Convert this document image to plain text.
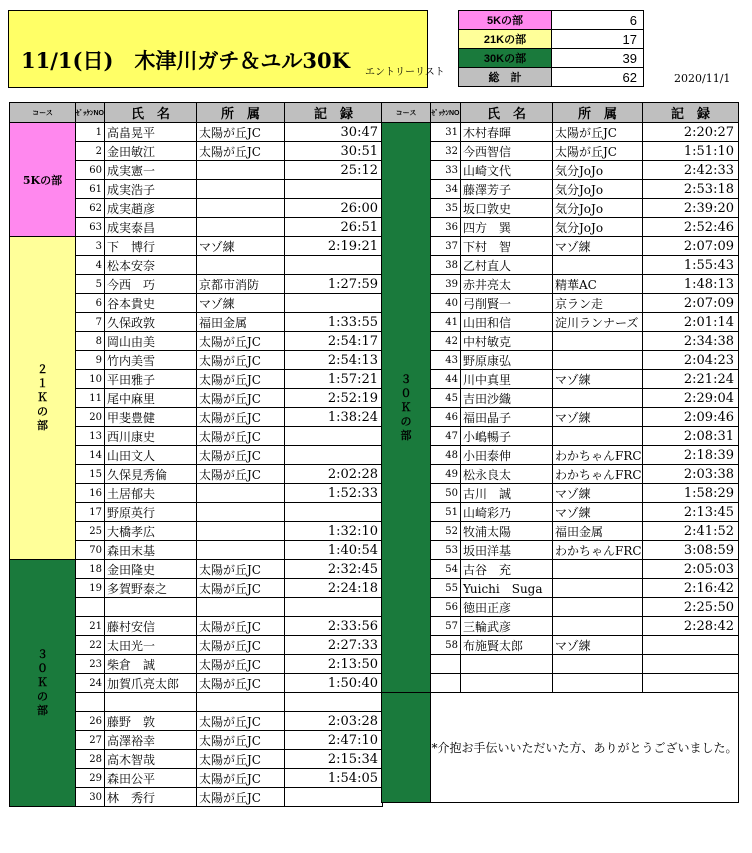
11/1(日)　木津川ガチ＆ユル30K エントリーリスト
5Kの部	6
21Kの部	17
30Kの部	39
総　計	62	2020/11/1
コース	ｾﾞｯｹﾝNO	氏　名	所　属	記　録
5Kの部	1	高畠晃平	太陽が丘JC	30:47
	2	金田敏江	太陽が丘JC	30:51
	60	成実憲一		25:12
	61	成実浩子		
	62	成実趙彦		26:00
	63	成実泰昌		26:51
２１Ｋの部	3	下　博行	マゾ練	2:19:21
	4	松本安奈		
	5	今西　巧	京都市消防	1:27:59
	6	谷本貴史	マゾ練	
	7	久保政敦	福田金属	1:33:55
	8	岡山由美	太陽が丘JC	2:54:17
	9	竹内美雪	太陽が丘JC	2:54:13
	10	平田雅子	太陽が丘JC	1:57:21
	11	尾中麻里	太陽が丘JC	2:52:19
	20	甲斐豊健	太陽が丘JC	1:38:24
	13	西川康史	太陽が丘JC	
	14	山田文人	太陽が丘JC	
	15	久保見秀倫	太陽が丘JC	2:02:28
	16	土居郁夫		1:52:33
	17	野原英行		
	25	大橋孝広		1:32:10
	70	森田末基		1:40:54
３０Ｋの部	18	金田隆史	太陽が丘JC	2:32:45
	19	多賀野泰之	太陽が丘JC	2:24:18

	21	藤村安信	太陽が丘JC	2:33:56
	22	太田光一	太陽が丘JC	2:27:33
	23	柴倉　誠	太陽が丘JC	2:13:50
	24	加賀爪亮太郎	太陽が丘JC	1:50:40

	26	藤野　敦	太陽が丘JC	2:03:28
	27	高澤裕幸	太陽が丘JC	2:47:10
	28	高木智哉	太陽が丘JC	2:15:34
	29	森田公平	太陽が丘JC	1:54:05
	30	林　秀行	太陽が丘JC	
コース	ｾﾞｯｹﾝNO	氏　名	所　属	記　録
３０Ｋの部	31	木村春暉	太陽が丘JC	2:20:27
	32	今西智信	太陽が丘JC	1:51:10
	33	山崎文代	気分JoJo	2:42:33
	34	藤澤芳子	気分JoJo	2:53:18
	35	坂口敦史	気分JoJo	2:39:20
	36	四方　巽	気分JoJo	2:52:46
	37	下村　智	マゾ練	2:07:09
	38	乙村直人		1:55:43
	39	赤井亮太	精華AC	1:48:13
	40	弓削賢一	京ラン走	2:07:09
	41	山田和信	淀川ランナーズ	2:01:14
	42	中村敏克		2:34:38
	43	野原康弘		2:04:23
	44	川中真里	マゾ練	2:21:24
	45	吉田沙織		2:29:04
	46	福田晶子	マゾ練	2:09:46
	47	小嶋暢子		2:08:31
	48	小田泰伸	わかちゃんFRC	2:18:39
	49	松永良太	わかちゃんFRC	2:03:38
	50	古川　誠	マゾ練	1:58:29
	51	山崎彩乃	マゾ練	2:13:45
	52	牧浦太陽	福田金属	2:41:52
	53	坂田洋基	わかちゃんFRC	3:08:59
	54	古谷　充		2:05:03
	55	Yuichi　Suga		2:16:42
	56	徳田正彦		2:25:50
	57	三輪武彦		2:28:42
	58	布施賢太郎	マゾ練	

	*介抱お手伝いいただいた方、ありがとうございました。			
